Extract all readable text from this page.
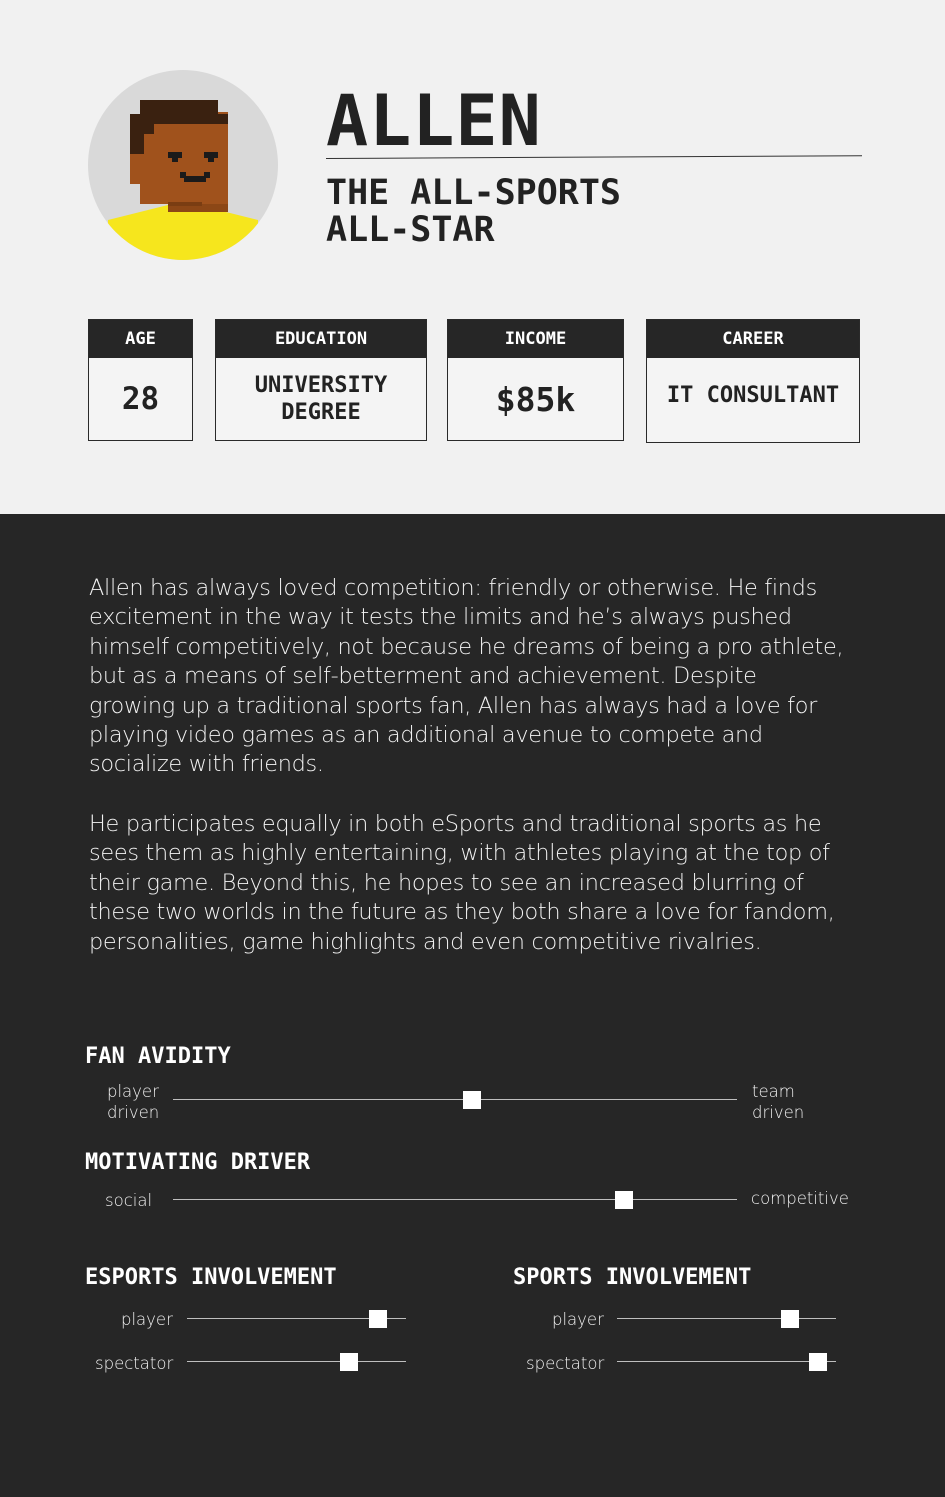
ALLEN
THE ALL-SPORTS
ALL-STAR
AGE
28
EDUCATION
UNIVERSITY
DEGREE
INCOME
$85k
CAREER
IT CONSULTANT
Allen has always loved competition: friendly or otherwise. He finds
excitement in the way it tests the limits and he’s always pushed
himself competitively, not because he dreams of being a pro athlete,
but as a means of self-betterment and achievement. Despite
growing up a traditional sports fan, Allen has always had a love for
playing video games as an additional avenue to compete and
socialize with friends.
He participates equally in both eSports and traditional sports as he
sees them as highly entertaining, with athletes playing at the top of
their game. Beyond this, he hopes to see an increased blurring of
these two worlds in the future as they both share a love for fandom,
personalities, game highlights and even competitive rivalries.
FAN AVIDITY
player
driven
team
driven
MOTIVATING DRIVER
social	competitive
ESPORTS INVOLVEMENT
player
spectator
SPORTS INVOLVEMENT
player
spectator
